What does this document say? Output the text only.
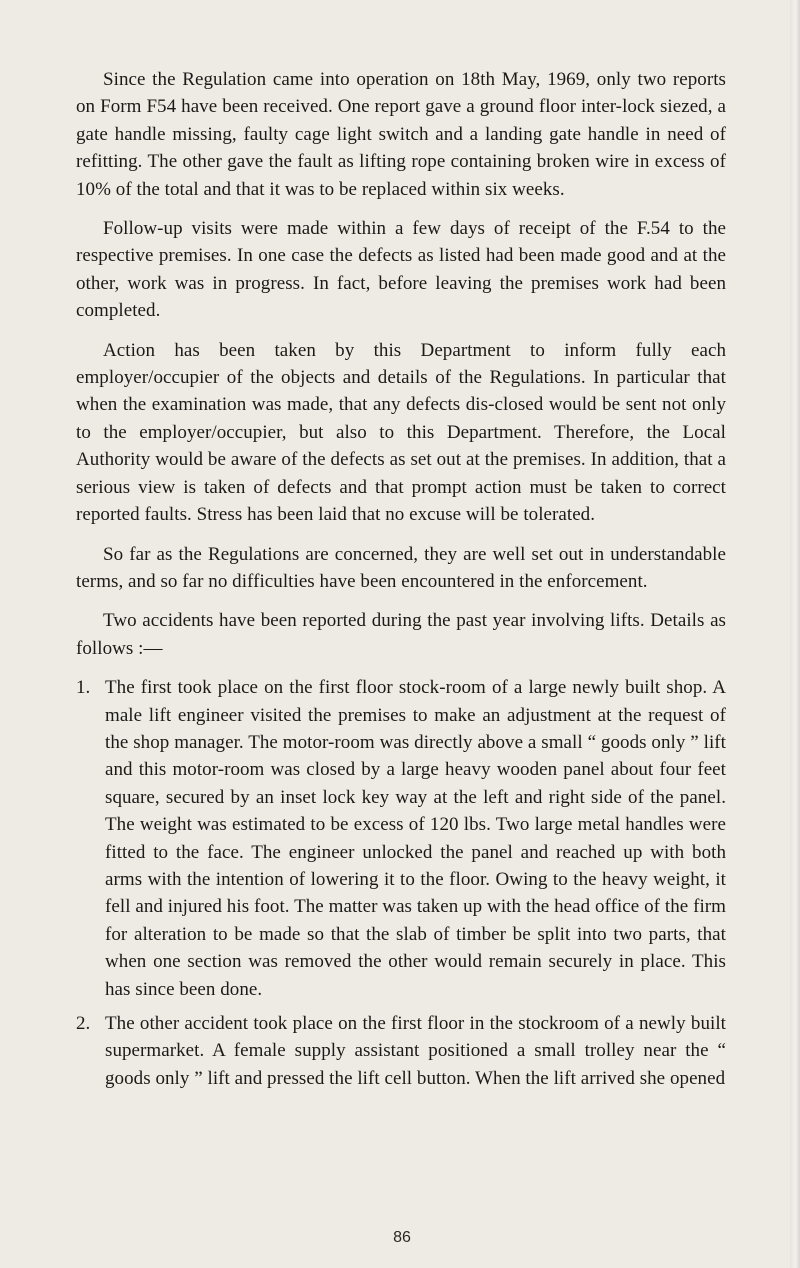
Since the Regulation came into operation on 18th May, 1969, only two reports on Form F54 have been received. One report gave a ground floor inter-lock siezed, a gate handle missing, faulty cage light switch and a landing gate handle in need of refitting. The other gave the fault as lifting rope containing broken wire in excess of 10% of the total and that it was to be replaced within six weeks.

Follow-up visits were made within a few days of receipt of the F.54 to the respective premises. In one case the defects as listed had been made good and at the other, work was in progress. In fact, before leaving the premises work had been completed.

Action has been taken by this Department to inform fully each employer/occupier of the objects and details of the Regulations. In particular that when the examination was made, that any defects dis-closed would be sent not only to the employer/occupier, but also to this Department. Therefore, the Local Authority would be aware of the defects as set out at the premises. In addition, that a serious view is taken of defects and that prompt action must be taken to correct reported faults. Stress has been laid that no excuse will be tolerated.

So far as the Regulations are concerned, they are well set out in understandable terms, and so far no difficulties have been encountered in the enforcement.

Two accidents have been reported during the past year involving lifts. Details as follows :—

1. The first took place on the first floor stock-room of a large newly built shop. A male lift engineer visited the premises to make an adjustment at the request of the shop manager. The motor-room was directly above a small “ goods only ” lift and this motor-room was closed by a large heavy wooden panel about four feet square, secured by an inset lock key way at the left and right side of the panel. The weight was estimated to be excess of 120 lbs. Two large metal handles were fitted to the face. The engineer unlocked the panel and reached up with both arms with the intention of lowering it to the floor. Owing to the heavy weight, it fell and injured his foot. The matter was taken up with the head office of the firm for alteration to be made so that the slab of timber be split into two parts, that when one section was removed the other would remain securely in place. This has since been done.
2. The other accident took place on the first floor in the stockroom of a newly built supermarket. A female supply assistant positioned a small trolley near the “ goods only ” lift and pressed the lift cell button. When the lift arrived she opened
86
